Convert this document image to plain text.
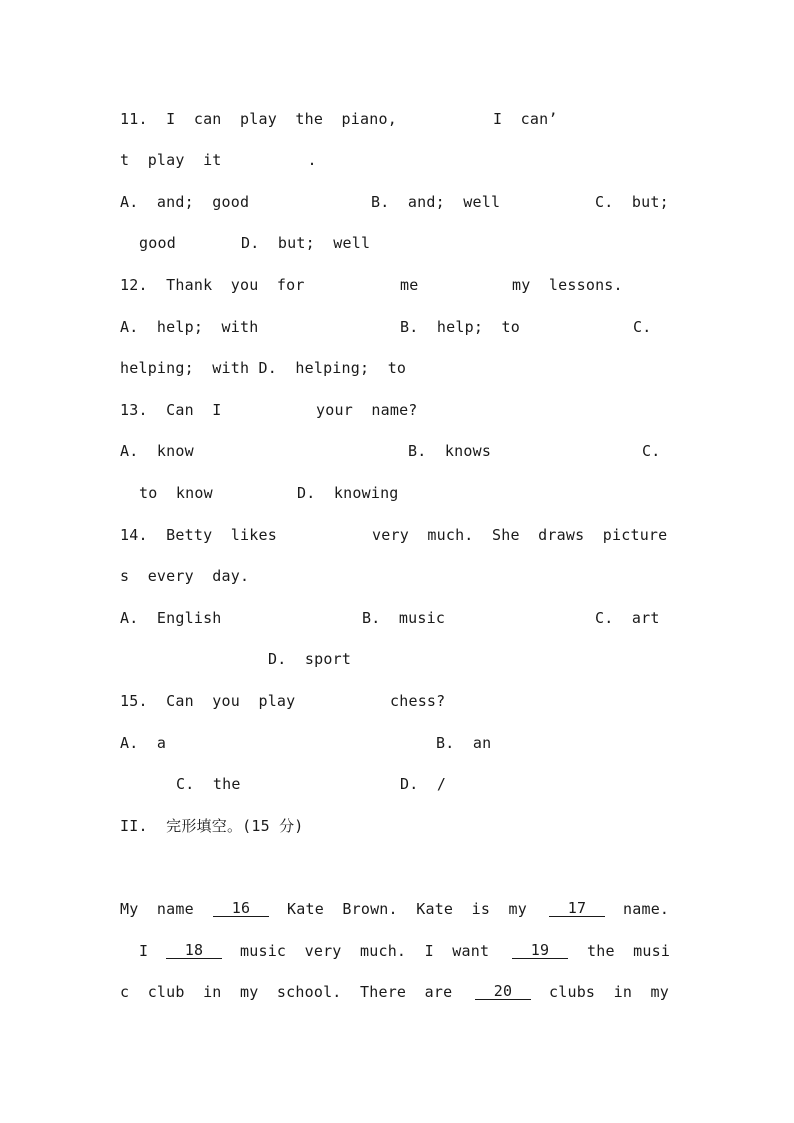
11.  I  can  play  the  piano,	I  can’
t  play  it	.
A.  and;  good	B.  and;  well	C.  but;
good	D.  but;  well
12.  Thank  you  for	me	my  lessons.
A.  help;  with	B.  help;  to	C.
helping;  with D.  helping;  to
13.  Can  I	your  name?
A.  know	B.  knows	C.
to  know	D.  knowing
14.  Betty  likes	very  much.  She  draws  picture
s  every  day.
A.  English	B.  music	C.  art
D.  sport
15.  Can  you  play	chess?
A.  a	B.  an
C.  the	D.  /
II.  完形填空。(15 分)
My  name	16	Kate  Brown.  Kate  is  my	17	name.
I	18	music  very  much.  I  want	19	the  musi
c  club  in  my  school.  There  are	20	clubs  in  my
